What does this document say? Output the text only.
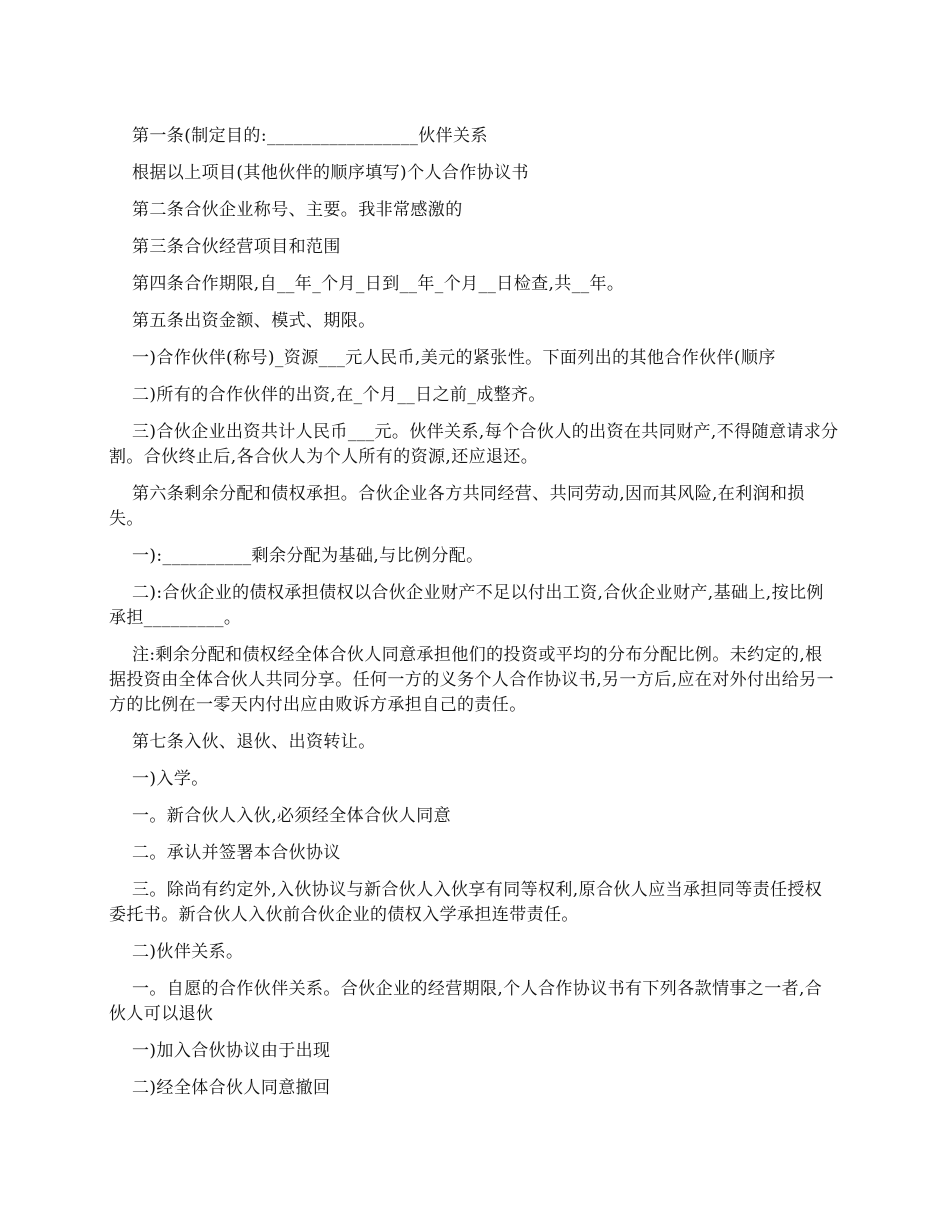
第一条(制定目的:_________________伙伴关系

根据以上项目(其他伙伴的顺序填写)个人合作协议书

第二条合伙企业称号、主要。我非常感激的

第三条合伙经营项目和范围

第四条合作期限,自__年_个月_日到__年_个月__日检查,共__年。

第五条出资金额、模式、期限。

一)合作伙伴(称号)_资源___元人民币,美元的紧张性。下面列出的其他合作伙伴(顺序

二)所有的合作伙伴的出资,在_个月__日之前_成整齐。

三)合伙企业出资共计人民币___元。伙伴关系,每个合伙人的出资在共同财产,不得随意请求分割。合伙终止后,各合伙人为个人所有的资源,还应退还。

第六条剩余分配和债权承担。合伙企业各方共同经营、共同劳动,因而其风险,在利润和损失。

一):__________剩余分配为基础,与比例分配。

二):合伙企业的债权承担债权以合伙企业财产不足以付出工资,合伙企业财产,基础上,按比例承担_________。

注:剩余分配和债权经全体合伙人同意承担他们的投资或平均的分布分配比例。未约定的,根据投资由全体合伙人共同分享。任何一方的义务个人合作协议书,另一方后,应在对外付出给另一方的比例在一零天内付出应由败诉方承担自己的责任。

第七条入伙、退伙、出资转让。

一)入学。

一。新合伙人入伙,必须经全体合伙人同意

二。承认并签署本合伙协议

三。除尚有约定外,入伙协议与新合伙人入伙享有同等权利,原合伙人应当承担同等责任授权委托书。新合伙人入伙前合伙企业的债权入学承担连带责任。

二)伙伴关系。

一。自愿的合作伙伴关系。合伙企业的经营期限,个人合作协议书有下列各款情事之一者,合伙人可以退伙

一)加入合伙协议由于出现

二)经全体合伙人同意撤回
